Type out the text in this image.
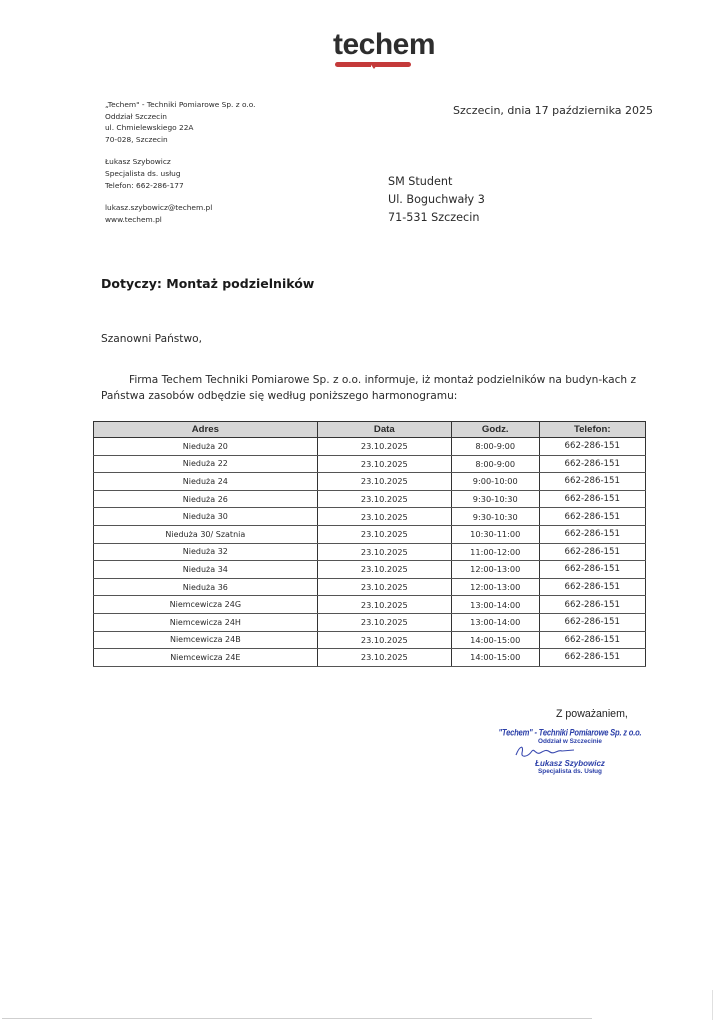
techem
„Techem" - Techniki Pomiarowe Sp. z o.o.
Oddział Szczecin
ul. Chmielewskiego 22A
70-028, Szczecin
Łukasz Szybowicz
Specjalista ds. usług
Telefon: 662-286-177
lukasz.szybowicz@techem.pl
www.techem.pl
Szczecin, dnia 17 października 2025
SM Student
Ul. Boguchwały 3
71-531 Szczecin
Dotyczy: Montaż podzielników
Szanowni Państwo,
Firma Techem Techniki Pomiarowe Sp. z o.o. informuje, iż montaż podzielników na budyn-kach z Państwa zasobów odbędzie się według poniższego harmonogramu:
Adres	Data	Godz.	Telefon:
Nieduża 20	23.10.2025	8:00-9:00	662-286-151
Nieduża 22	23.10.2025	8:00-9:00	662-286-151
Nieduża 24	23.10.2025	9:00-10:00	662-286-151
Nieduża 26	23.10.2025	9:30-10:30	662-286-151
Nieduża 30	23.10.2025	9:30-10:30	662-286-151
Nieduża 30/ Szatnia	23.10.2025	10:30-11:00	662-286-151
Nieduża 32	23.10.2025	11:00-12:00	662-286-151
Nieduża 34	23.10.2025	12:00-13:00	662-286-151
Nieduża 36	23.10.2025	12:00-13:00	662-286-151
Niemcewicza 24G	23.10.2025	13:00-14:00	662-286-151
Niemcewicza 24H	23.10.2025	13:00-14:00	662-286-151
Niemcewicza 24B	23.10.2025	14:00-15:00	662-286-151
Niemcewicza 24E	23.10.2025	14:00-15:00	662-286-151
Z poważaniem,
"Techem" - Techniki Pomiarowe Sp. z o.o.
Oddział w Szczecinie
Łukasz Szybowicz
Specjalista ds. Usług
